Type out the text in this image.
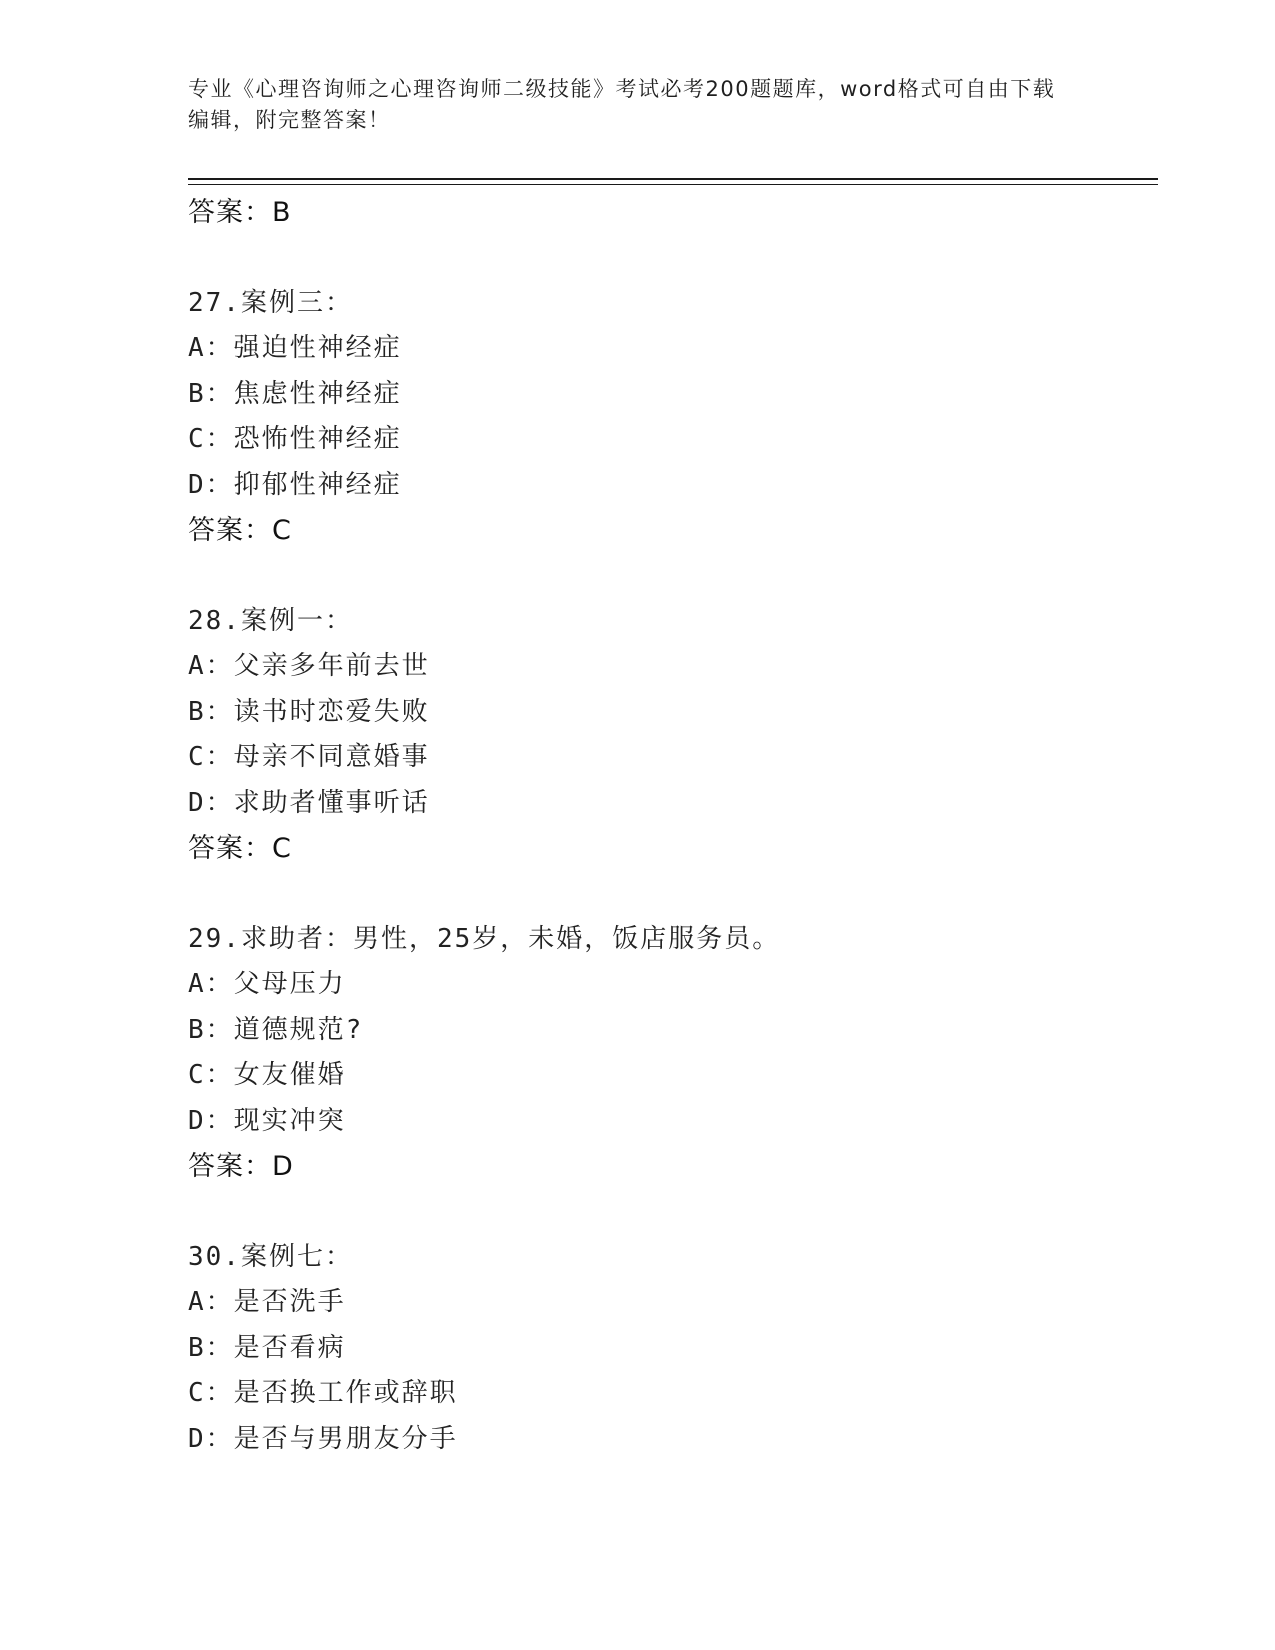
专业《心理咨询师之心理咨询师二级技能》考试必考200题题库，word格式可自由下载编辑，附完整答案！
答案：B
27.案例三：
A：强迫性神经症
B：焦虑性神经症
C：恐怖性神经症
D：抑郁性神经症
答案：C
28.案例一：
A：父亲多年前去世
B：读书时恋爱失败
C：母亲不同意婚事
D：求助者懂事听话
答案：C
29.求助者：男性，25岁，未婚，饭店服务员。
A：父母压力
B：道德规范?
C：女友催婚
D：现实冲突
答案：D
30.案例七：
A：是否洗手
B：是否看病
C：是否换工作或辞职
D：是否与男朋友分手
